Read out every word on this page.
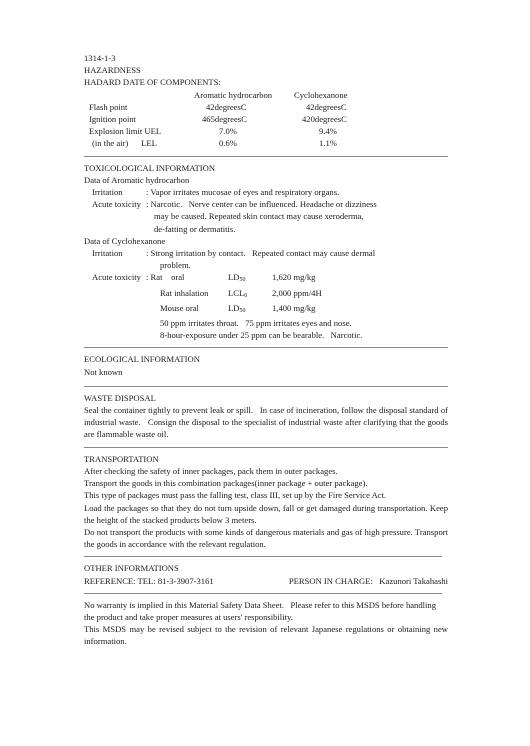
1314-1-3
HAZARDNESS
HADARD DATE OF COMPONENTS:
	Aromatic hydrocarbon	Cyclohexanone
Flash point	42degreesC	42degreesC
Ignition point	465degreesC	420degreesC
Explosion limit UEL	7.0%	9.4%
(in the air)      LEL	0.6%	1.1%
TOXICOLOGICAL INFORMATION
Data of Aromatic hydrocarbon
Irritation	: Vapor irritates mucosae of eyes and respiratory organs.
Acute toxicity : Narcotic.   Nerve center can be influenced. Headache or dizziness
may be caused. Repeated skin contact may cause xeroderma,
de-fatting or dermatitis.
Data of Cyclohexanone
Irritation	: Strong irritation by contact.   Repeated contact may cause dermal
problem.
Acute toxicity : Rat    oral	$LD_{50}$	1,620 mg/kg
Rat inhalation	$LCL_0$	2,000 ppm/4H
Mouse oral	$LD_{50}$	1,400 mg/kg
50 ppm irritates throat.   75 ppm irritates eyes and nose.
8-hour-exposure under 25 ppm can be bearable.   Narcotic.
ECOLOGICAL INFORMATION
Not known
WASTE DISPOSAL
Seal the container tightly to prevent leak or spill.   In case of incineration, follow the disposal standard of industrial waste.   Consign the disposal to the specialist of industrial waste after clarifying that the goods are flammable waste oil.
TRANSPORTATION
After checking the safety of inner packages, pack them in outer packages.
Transport the goods in this combination packages(inner package + outer package).
This type of packages must pass the falling test, class III, set up by the Fire Service Act.
Load the packages so that they do not turn upside down, fall or get damaged during transportation. Keep the height of the stacked products below 3 meters.
Do not transport the products with some kinds of dangerous materials and gas of high pressure. Transport the goods in accordance with the relevant regulation.
OTHER INFORMATIONS
REFERENCE: TEL: 81-3-3907-3161	PERSON IN CHARGE:   Kazunori Takahashi
No warranty is implied in this Material Safety Data Sheet.   Please refer to this MSDS before handling the product and take proper measures at users' responsibility.
This MSDS may be revised subject to the revision of relevant Japanese regulations or obtaining new information.
